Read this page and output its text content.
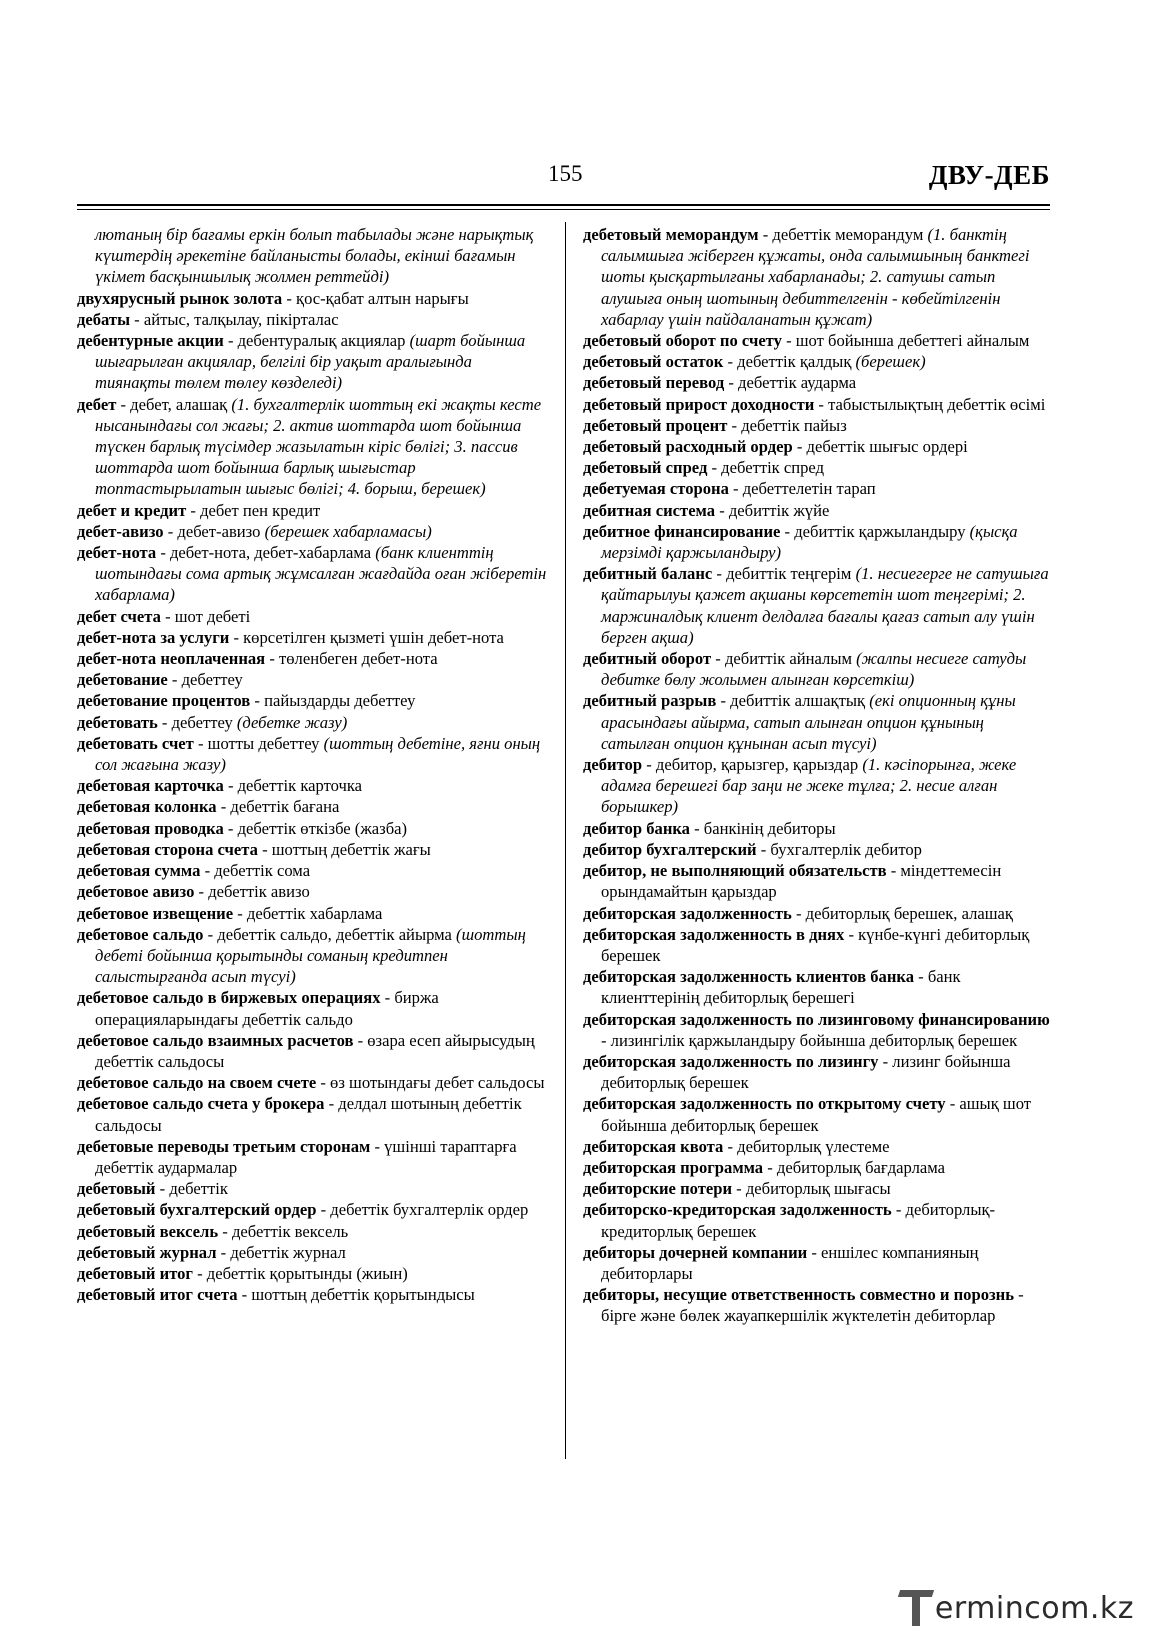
155	ДВУ-ДЕБ

лютаның бір бағамы еркін болып табылады және нарықтық күштердің әрекетіне байланысты болады, екінші бағамын үкімет басқыншылық жолмен реттейді)

двухярусный рынок золота - қос-қабат алтын нарығы

дебаты - айтыс, талқылау, пікірталас

дебентурные акции - дебентуралық акциялар (шарт бойынша шығарылған акциялар, белгілі бір уақыт аралығында тиянақты төлем төлеу көзделеді)

дебет - дебет, алашақ (1. бухгалтерлік шоттың екі жақты кесте нысанындағы сол жағы; 2. актив шоттарда шот бойынша түскен барлық түсімдер жазылатын кіріс бөлігі; 3. пассив шоттарда шот бойынша барлық шығыстар топтастырылатын шығыс бөлігі; 4. борыш, берешек)

дебет и кредит - дебет пен кредит

дебет-авизо - дебет-авизо (берешек хабарламасы)

дебет-нота - дебет-нота, дебет-хабарлама (банк клиенттің шотындағы сома артық жұмсалған жағдайда оған жіберетін хабарлама)

дебет счета - шот дебеті

дебет-нота за услуги - көрсетілген қызметі үшін дебет-нота

дебет-нота неоплаченная - төленбеген дебет-нота

дебетование - дебеттеу

дебетование процентов - пайыздарды дебеттеу

дебетовать - дебеттеу (дебетке жазу)

дебетовать счет - шотты дебеттеу (шоттың дебетіне, яғни оның сол жағына жазу)

дебетовая карточка - дебеттік карточка

дебетовая колонка - дебеттік бағана

дебетовая проводка - дебеттік өткізбе (жазба)

дебетовая сторона счета - шоттың дебеттік жағы

дебетовая сумма - дебеттік сома

дебетовое авизо - дебеттік авизо

дебетовое извещение - дебеттік хабарлама

дебетовое сальдо - дебеттік сальдо, дебеттік айырма (шоттың дебеті бойынша қорытынды соманың кредитпен салыстырғанда асып түсуі)

дебетовое сальдо в биржевых операциях - биржа операцияларындағы дебеттік сальдо

дебетовое сальдо взаимных расчетов - өзара есеп айырысудың дебеттік сальдосы

дебетовое сальдо на своем счете - өз шотындағы дебет сальдосы

дебетовое сальдо счета у брокера - делдал шотының дебеттік сальдосы

дебетовые переводы третьим сторонам - үшінші тараптарға дебеттік аудармалар

дебетовый - дебеттік

дебетовый бухгалтерский ордер - дебеттік бухгалтерлік ордер

дебетовый вексель - дебеттік вексель

дебетовый журнал - дебеттік журнал

дебетовый итог - дебеттік қорытынды (жиын)

дебетовый итог счета - шоттың дебеттік қорытындысы

дебетовый меморандум - дебеттік меморандум (1. банктің салымшыға жіберген құжаты, онда салымшының банктегі шоты қысқартылғаны хабарланады; 2. сатушы сатып алушыға оның шотының дебиттелгенін - көбейтілгенін хабарлау үшін пайдаланатын құжат)

дебетовый оборот по счету - шот бойынша дебеттегі айналым

дебетовый остаток - дебеттік қалдық (берешек)

дебетовый перевод - дебеттік аударма

дебетовый прирост доходности - табыстылықтың дебеттік өсімі

дебетовый процент - дебеттік пайыз

дебетовый расходный ордер - дебеттік шығыс ордері

дебетовый спред - дебеттік спред

дебетуемая сторона - дебеттелетін тарап

дебитная система - дебиттік жүйе

дебитное финансирование - дебиттік қаржыландыру (қысқа мерзімді қаржыландыру)

дебитный баланс - дебиттік теңгерім (1. несиегерге не сатушыға қайтарылуы қажет ақшаны көрсететін шот теңгерімі; 2. маржиналдық клиент делдалға бағалы қағаз сатып алу үшін берген ақша)

дебитный оборот - дебиттік айналым (жалпы несиеге сатуды дебитке бөлу жолымен алынған көрсеткіш)

дебитный разрыв - дебиттік алшақтық (екі опционның құны арасындағы айырма, сатып алынған опцион құнының сатылған опцион құнынан асып түсуі)

дебитор - дебитор, қарызгер, қарыздар (1. кәсіпорынға, жеке адамға берешегі бар заңи не жеке тұлға; 2. несие алған борышкер)

дебитор банка - банкінің дебиторы

дебитор бухгалтерский - бухгалтерлік дебитор

дебитор, не выполняющий обязательств - міндеттемесін орындамайтын қарыздар

дебиторская задолженность - дебиторлық берешек, алашақ

дебиторская задолженность в днях - күнбе-күнгі дебиторлық берешек

дебиторская задолженность клиентов банка - банк клиенттерінің дебиторлық берешегі

дебиторская задолженность по лизинговому финансированию - лизингілік қаржыландыру бойынша дебиторлық берешек

дебиторская задолженность по лизингу - лизинг бойынша дебиторлық берешек

дебиторская задолженность по открытому счету - ашық шот бойынша дебиторлық берешек

дебиторская квота - дебиторлық үлестеме

дебиторская программа - дебиторлық бағдарлама

дебиторские потери - дебиторлық шығасы

дебиторско-кредиторская задолженность - дебиторлық-кредиторлық берешек

дебиторы дочерней компании - еншілес компанияның дебиторлары

дебиторы, несущие ответственность совместно и порознь - бірге және бөлек жауапкершілік жүктелетін дебиторлар

ermincom .kz
